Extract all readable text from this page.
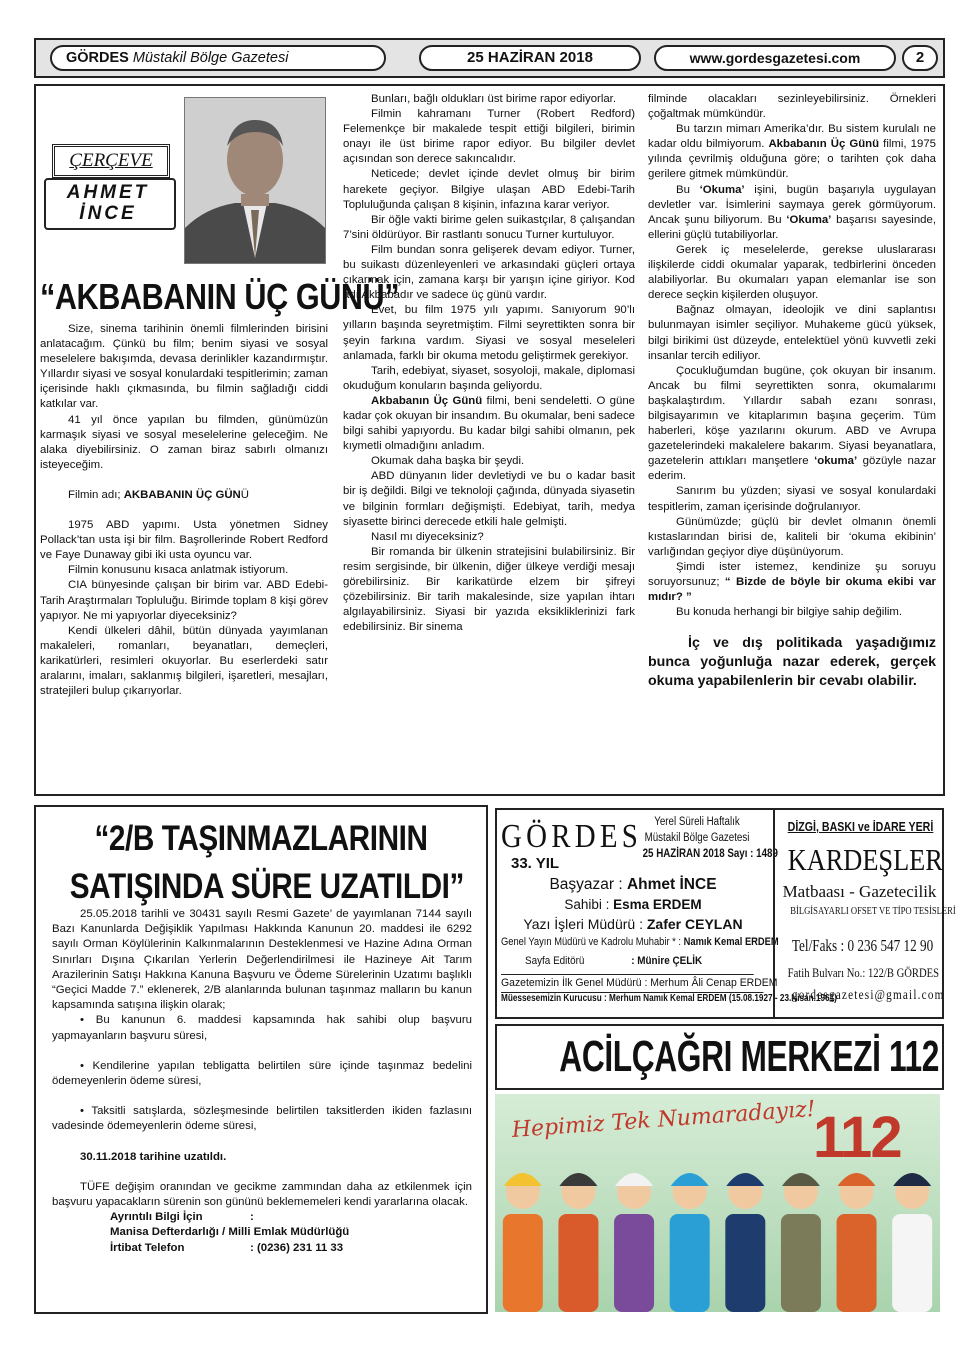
GÖRDES Müstakil Bölge Gazetesi	25 HAZİRAN 2018	www.gordesgazetesi.com	2
ÇERÇEVE
AHMET
İNCE
“AKBABANIN ÜÇ GÜNÜ”

Size, sinema tarihinin önemli filmlerinden birisini anlatacağım. Çünkü bu film; benim siyasi ve sosyal meselelere bakışımda, devasa derinlikler kazandırmıştır. Yıllardır siyasi ve sosyal konulardaki tespitlerimin; zaman içerisinde haklı çıkmasında, bu filmin sağladığı ciddi katkılar var.

41 yıl önce yapılan bu filmden, günümüzün karmaşık siyasi ve sosyal meselelerine geleceğim. Ne alaka diyebilirsiniz. O zaman biraz sabırlı olmanızı isteyeceğim.

Filmin adı; AKBABANIN ÜÇ GÜNÜ

1975 ABD yapımı. Usta yönetmen Sidney Pollack’tan usta işi bir film. Başrollerinde Robert Redford ve Faye Dunaway gibi iki usta oyuncu var.

Filmin konusunu kısaca anlatmak istiyorum.

CIA bünyesinde çalışan bir birim var. ABD Edebi-Tarih Araştırmaları Topluluğu. Birimde toplam 8 kişi görev yapıyor. Ne mi yapıyorlar diyeceksiniz?

Kendi ülkeleri dâhil, bütün dünyada yayımlanan makaleleri, romanları, beyanatları, demeçleri, karikatürleri, resimleri okuyorlar. Bu eserlerdeki satır aralarını, imaları, saklanmış bilgileri, işaretleri, mesajları, stratejileri bulup çıkarıyorlar.

Bunları, bağlı oldukları üst birime rapor ediyorlar.

Filmin kahramanı Turner (Robert Redford) Felemenkçe bir makalede tespit ettiği bilgileri, birimin onayı ile üst birime rapor ediyor. Bu bilgiler devlet açısından son derece sakıncalıdır.

Neticede; devlet içinde devlet olmuş bir birim harekete geçiyor. Bilgiye ulaşan ABD Edebi-Tarih Topluluğunda çalışan 8 kişinin, infazına karar veriyor.

Bir öğle vakti birime gelen suikastçılar, 8 çalışandan 7’sini öldürüyor. Bir rastlantı sonucu Turner kurtuluyor.

Film bundan sonra gelişerek devam ediyor. Turner, bu suikastı düzenleyenleri ve arkasındaki güçleri ortaya çıkarmak için, zamana karşı bir yarışın içine giriyor. Kod adı Akbabadır ve sadece üç günü vardır.

Evet, bu film 1975 yılı yapımı. Sanıyorum 90’lı yılların başında seyretmiştim. Filmi seyrettikten sonra bir şeyin farkına vardım. Siyasi ve sosyal meseleleri anlamada, farklı bir okuma metodu geliştirmek gerekiyor.

Tarih, edebiyat, siyaset, sosyoloji, makale, diplomasi okuduğum konuların başında geliyordu.

Akbabanın Üç Günü filmi, beni sendeletti. O güne kadar çok okuyan bir insandım. Bu okumalar, beni sadece bilgi sahibi yapıyordu. Bu kadar bilgi sahibi olmanın, pek kıymetli olmadığını anladım.

Okumak daha başka bir şeydi.

ABD dünyanın lider devletiydi ve bu o kadar basit bir iş değildi. Bilgi ve teknoloji çağında, dünyada siyasetin ve bilginin formları değişmişti. Edebiyat, tarih, medya siyasette birinci derecede etkili hale gelmişti.

Nasıl mı diyeceksiniz?

Bir romanda bir ülkenin stratejisini bulabilirsiniz. Bir resim sergisinde, bir ülkenin, diğer ülkeye verdiği mesajı görebilirsiniz. Bir karikatürde elzem bir şifreyi çözebilirsiniz. Bir tarih makalesinde, size yapılan ihtarı algılayabilirsiniz. Siyasi bir yazıda eksikliklerinizi fark edebilirsiniz. Bir sinema

filminde olacakları sezinleyebilirsiniz. Örnekleri çoğaltmak mümkündür.

Bu tarzın mimarı Amerika’dır. Bu sistem kurulalı ne kadar oldu bilmiyorum. Akbabanın Üç Günü filmi, 1975 yılında çevrilmiş olduğuna göre; o tarihten çok daha gerilere gitmek mümkündür.

Bu ‘Okuma’ işini, bugün başarıyla uygulayan devletler var. İsimlerini saymaya gerek görmüyorum. Ancak şunu biliyorum. Bu ‘Okuma’ başarısı sayesinde, ellerini güçlü tutabiliyorlar.

Gerek iç meselelerde, gerekse uluslararası ilişkilerde ciddi okumalar yaparak, tedbirlerini önceden alabiliyorlar. Bu okumaları yapan elemanlar ise son derece seçkin kişilerden oluşuyor.

Bağnaz olmayan, ideolojik ve dini saplantısı bulunmayan isimler seçiliyor. Muhakeme gücü yüksek, bilgi birikimi üst düzeyde, entelektüel yönü kuvvetli zeki insanlar tercih ediliyor.

Çocukluğumdan bugüne, çok okuyan bir insanım. Ancak bu filmi seyrettikten sonra, okumalarımı başkalaştırdım. Yıllardır sabah ezanı sonrası, bilgisayarımın ve kitaplarımın başına geçerim. Tüm haberleri, köşe yazılarını okurum. ABD ve Avrupa gazetelerindeki makalelere bakarım. Siyasi beyanatlara, gazetelerin attıkları manşetlere ‘okuma’ gözüyle nazar ederim.

Sanırım bu yüzden; siyasi ve sosyal konulardaki tespitlerim, zaman içerisinde doğrulanıyor.

Günümüzde; güçlü bir devlet olmanın önemli kıstaslarından birisi de, kaliteli bir ‘okuma ekibinin’ varlığından geçiyor diye düşünüyorum.

Şimdi ister istemez, kendinize şu soruyu soruyorsunuz; “ Bizde de böyle bir okuma ekibi var mıdır? ”

Bu konuda herhangi bir bilgiye sahip değilim.

İç ve dış politikada yaşadığımız bunca yoğunluğa nazar ederek, gerçek okuma yapabilenlerin bir cevabı olabilir.

“2/B TAŞINMAZLARININ
SATIŞINDA SÜRE UZATILDI”

25.05.2018 tarihli ve 30431 sayılı Resmi Gazete’ de yayımlanan 7144 sayılı Bazı Kanunlarda Değişiklik Yapılması Hakkında Kanunun 20. maddesi ile 6292 sayılı Orman Köylülerinin Kalkınmalarının Desteklenmesi ve Hazine Adına Orman Sınırları Dışına Çıkarılan Yerlerin Değerlendirilmesi ile Hazineye Ait Tarım Arazilerinin Satışı Hakkına Kanuna Başvuru ve Ödeme Sürelerinin Uzatımı başlıklı “Geçici Madde 7.” eklenerek, 2/B alanlarında bulunan taşınmaz malların bu kanun kapsamında satışına ilişkin olarak;

• Bu kanunun 6. maddesi kapsamında hak sahibi olup başvuru yapmayanların başvuru süresi,

• Kendilerine yapılan tebligatta belirtilen süre içinde taşınmaz bedelini ödemeyenlerin ödeme süresi,

• Taksitli satışlarda, sözleşmesinde belirtilen taksitlerden ikiden fazlasını vadesinde ödemeyenlerin ödeme süresi,

30.11.2018 tarihine uzatıldı.

TÜFE değişim oranından ve gecikme zammından daha az etkilenmek için başvuru yapacakların sürenin son gününü beklememeleri kendi yararlarına olacak.

Ayrıntılı Bilgi İçin	:
Manisa Defterdarlığı / Milli Emlak Müdürlüğü
İrtibat Telefon	: (0236) 231 11 33
GÖRDES
33. YIL
Yerel Süreli Haftalık
Müstakil Bölge Gazetesi
25 HAZİRAN 2018 Sayı : 1489
Başyazar : Ahmet İNCE
Sahibi : Esma ERDEM
Yazı İşleri Müdürü : Zafer CEYLAN
Genel Yayın Müdürü ve Kadrolu Muhabir * : Namık Kemal ERDEM
Sayfa Editörü	: Münire ÇELİK
Gazetemizin İlk Genel Müdürü : Merhum Âli Cenap ERDEM
Müessesemizin Kurucusu : Merhum Namık Kemal ERDEM (15.08.1927 - 23.Nisan.1961)
DİZGİ, BASKI ve İDARE YERİ
KARDEŞLER
Matbaası - Gazetecilik
BİLGİSAYARLI OFSET VE TİPO TESİSLERİ
Tel/Faks : 0 236 547 12 90
Fatih Bulvarı No.: 122/B GÖRDES
gordesgazetesi@gmail.com
ACİLÇAĞRI MERKEZİ 112
Hepimiz Tek Numaradayız!
112
